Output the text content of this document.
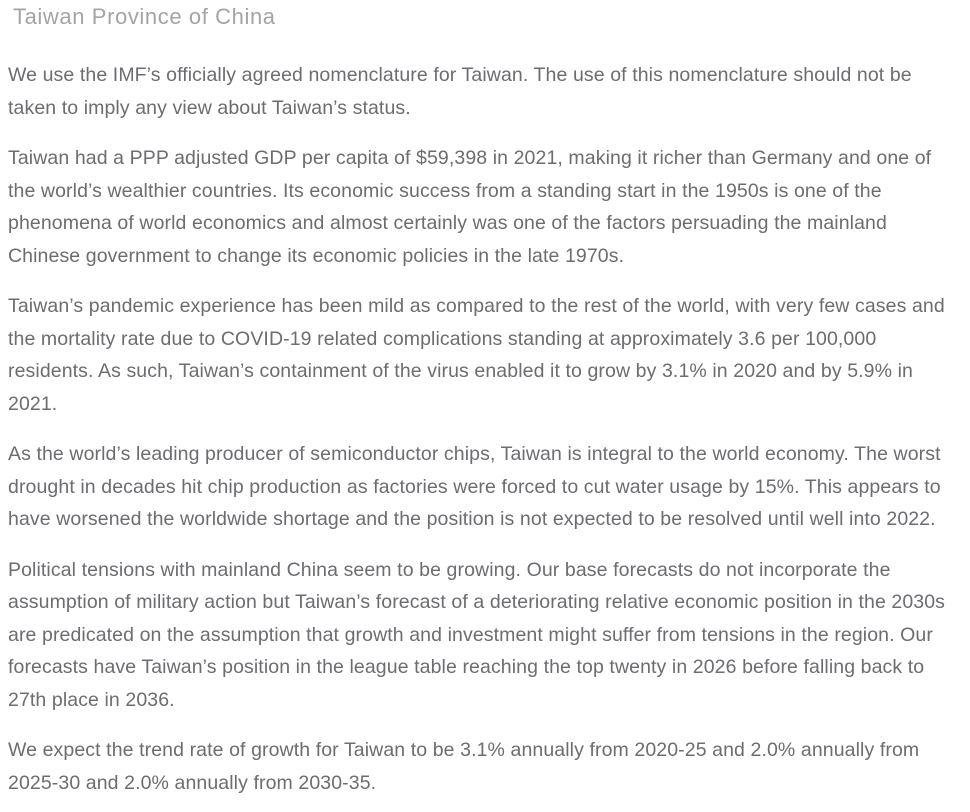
Taiwan Province of China

We use the IMF’s officially agreed nomenclature for Taiwan. The use of this nomenclature should not be taken to imply any view about Taiwan’s status.

Taiwan had a PPP adjusted GDP per capita of $59,398 in 2021, making it richer than Germany and one of the world’s wealthier countries. Its economic success from a standing start in the 1950s is one of the phenomena of world economics and almost certainly was one of the factors persuading the mainland Chinese government to change its economic policies in the late 1970s.

Taiwan’s pandemic experience has been mild as compared to the rest of the world, with very few cases and the mortality rate due to COVID-19 related complications standing at approximately 3.6 per 100,000 residents. As such, Taiwan’s containment of the virus enabled it to grow by 3.1% in 2020 and by 5.9% in 2021.

As the world’s leading producer of semiconductor chips, Taiwan is integral to the world economy. The worst drought in decades hit chip production as factories were forced to cut water usage by 15%. This appears to have worsened the worldwide shortage and the position is not expected to be resolved until well into 2022.

Political tensions with mainland China seem to be growing. Our base forecasts do not incorporate the assumption of military action but Taiwan’s forecast of a deteriorating relative economic position in the 2030s are predicated on the assumption that growth and investment might suffer from tensions in the region. Our forecasts have Taiwan’s position in the league table reaching the top twenty in 2026 before falling back to 27th place in 2036.

We expect the trend rate of growth for Taiwan to be 3.1% annually from 2020-25 and 2.0% annually from 2025-30 and 2.0% annually from 2030-35.
